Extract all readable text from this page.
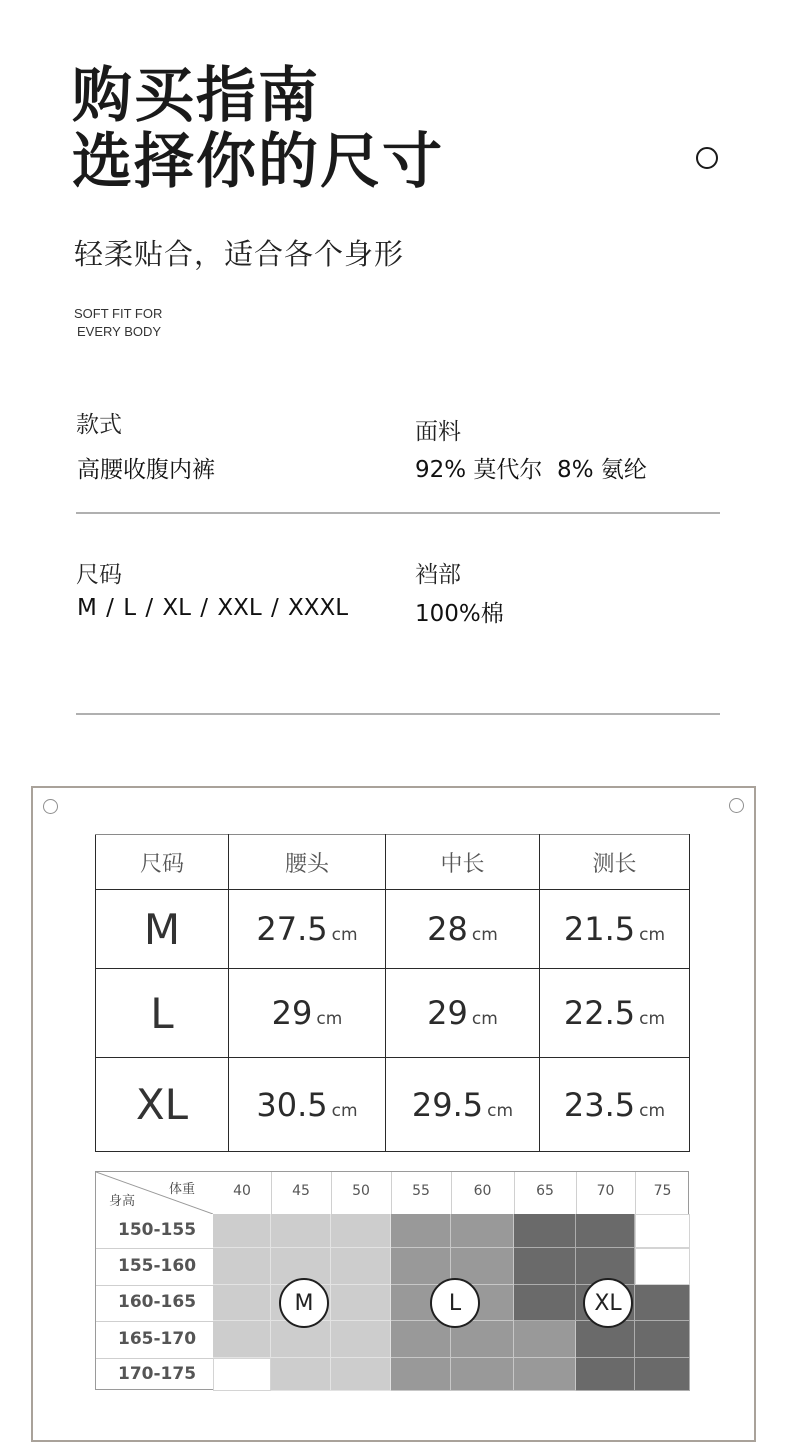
购买指南
选择你的尺寸
轻柔贴合，适合各个身形
SOFT FIT FOR
EVERY BODY
款式
高腰收腹内裤
面料
92% 莫代尔  8% 氨纶
尺码
M / L / XL / XXL / XXXL
裆部
100%棉
尺码	腰头	中长	测长
M	27.5 cm	28 cm	21.5 cm
L	29 cm	29 cm	22.5 cm
XL	30.5 cm	29.5 cm	23.5 cm
体重
身高
40	45	50	55	60	65	70	75
150-155
155-160
160-165
165-170
170-175
M	L	XL
